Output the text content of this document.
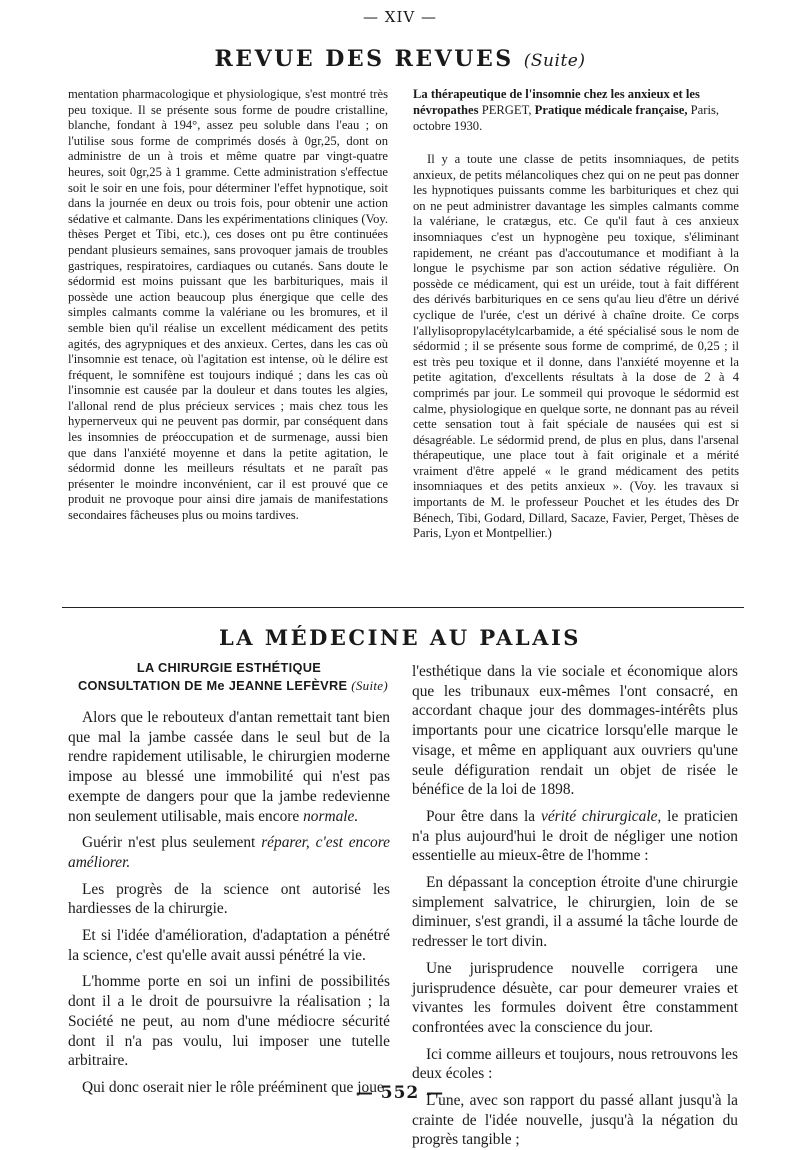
— XIV —
REVUE DES REVUES (Suite)

mentation pharmacologique et physiologique, s'est montré très peu toxique. Il se présente sous forme de poudre cristalline, blanche, fondant à 194°, assez peu soluble dans l'eau ; on l'utilise sous forme de comprimés dosés à 0gr,25, dont on administre de un à trois et même quatre par vingt-quatre heures, soit 0gr,25 à 1 gramme. Cette administration s'effectue soit le soir en une fois, pour déterminer l'effet hypnotique, soit dans la journée en deux ou trois fois, pour obtenir une action sédative et calmante. Dans les expérimentations cliniques (Voy. thèses Perget et Tibi, etc.), ces doses ont pu être continuées pendant plusieurs semaines, sans provoquer jamais de troubles gastriques, respiratoires, cardiaques ou cutanés. Sans doute le sédormid est moins puissant que les barbituriques, mais il possède une action beaucoup plus énergique que celle des simples calmants comme la valériane ou les bromures, et il semble bien qu'il réalise un excellent médicament des petits agités, des agrypniques et des anxieux. Certes, dans les cas où l'insomnie est tenace, où l'agitation est intense, où le délire est fréquent, le somnifène est toujours indiqué ; dans les cas où l'insomnie est causée par la douleur et dans toutes les algies, l'allonal rend de plus précieux services ; mais chez tous les hypernerveux qui ne peuvent pas dormir, par conséquent dans les insomnies de préoccupation et de surmenage, aussi bien que dans l'anxiété moyenne et dans la petite agitation, le sédormid donne les meilleurs résultats et ne paraît pas présenter le moindre inconvénient, car il est prouvé que ce produit ne provoque pour ainsi dire jamais de manifestations secondaires fâcheuses plus ou moins tardives.

La thérapeutique de l'insomnie chez les anxieux et les névropathes PERGET, Pratique médicale française, Paris, octobre 1930.

Il y a toute une classe de petits insomniaques, de petits anxieux, de petits mélancoliques chez qui on ne peut pas donner les hypnotiques puissants comme les barbituriques et chez qui on ne peut administrer davantage les simples calmants comme la valériane, le cratægus, etc. Ce qu'il faut à ces anxieux insomniaques c'est un hypnogène peu toxique, s'éliminant rapidement, ne créant pas d'accoutumance et modifiant à la longue le psychisme par son action sédative régulière. On possède ce médicament, qui est un uréide, tout à fait différent des dérivés barbituriques en ce sens qu'au lieu d'être un dérivé cyclique de l'urée, c'est un dérivé à chaîne droite. Ce corps l'allylisopropylacétylcarbamide, a été spécialisé sous le nom de sédormid ; il se présente sous forme de comprimé, de 0,25 ; il est très peu toxique et il donne, dans l'anxiété moyenne et la petite agitation, d'excellents résultats à la dose de 2 à 4 comprimés par jour. Le sommeil qui provoque le sédormid est calme, physiologique en quelque sorte, ne donnant pas au réveil cette sensation tout à fait spéciale de nausées qui est si désagréable. Le sédormid prend, de plus en plus, dans l'arsenal thérapeutique, une place tout à fait originale et a mérité vraiment d'être appelé « le grand médicament des petits insomniaques et des petits anxieux ». (Voy. les travaux si importants de M. le professeur Pouchet et les études des Dr Bénech, Tibi, Godard, Dillard, Sacaze, Favier, Perget, Thèses de Paris, Lyon et Montpellier.)

LA MÉDECINE AU PALAIS
LA CHIRURGIE ESTHÉTIQUE
CONSULTATION DE Me JEANNE LEFÈVRE (Suite)

Alors que le rebouteux d'antan remettait tant bien que mal la jambe cassée dans le seul but de la rendre rapidement utilisable, le chirurgien moderne impose au blessé une immobilité qui n'est pas exempte de dangers pour que la jambe redevienne non seulement utilisable, mais encore normale.

Guérir n'est plus seulement réparer, c'est encore améliorer.

Les progrès de la science ont autorisé les hardiesses de la chirurgie.

Et si l'idée d'amélioration, d'adaptation a pénétré la science, c'est qu'elle avait aussi pénétré la vie.

L'homme porte en soi un infini de possibilités dont il a le droit de poursuivre la réalisation ; la Société ne peut, au nom d'une médiocre sécurité dont il n'a pas voulu, lui imposer une tutelle arbitraire.

Qui donc oserait nier le rôle prééminent que joue

l'esthétique dans la vie sociale et économique alors que les tribunaux eux-mêmes l'ont consacré, en accordant chaque jour des dommages-intérêts plus importants pour une cicatrice lorsqu'elle marque le visage, et même en appliquant aux ouvriers qu'une seule défiguration rendait un objet de risée le bénéfice de la loi de 1898.

Pour être dans la vérité chirurgicale, le praticien n'a plus aujourd'hui le droit de négliger une notion essentielle au mieux-être de l'homme :

En dépassant la conception étroite d'une chirurgie simplement salvatrice, le chirurgien, loin de se diminuer, s'est grandi, il a assumé la tâche lourde de redresser le tort divin.

Une jurisprudence nouvelle corrigera une jurisprudence désuète, car pour demeurer vraies et vivantes les formules doivent être constamment confrontées avec la conscience du jour.

Ici comme ailleurs et toujours, nous retrouvons les deux écoles :

L'une, avec son rapport du passé allant jusqu'à la crainte de l'idée nouvelle, jusqu'à la négation du progrès tangible ;

— 552 —
